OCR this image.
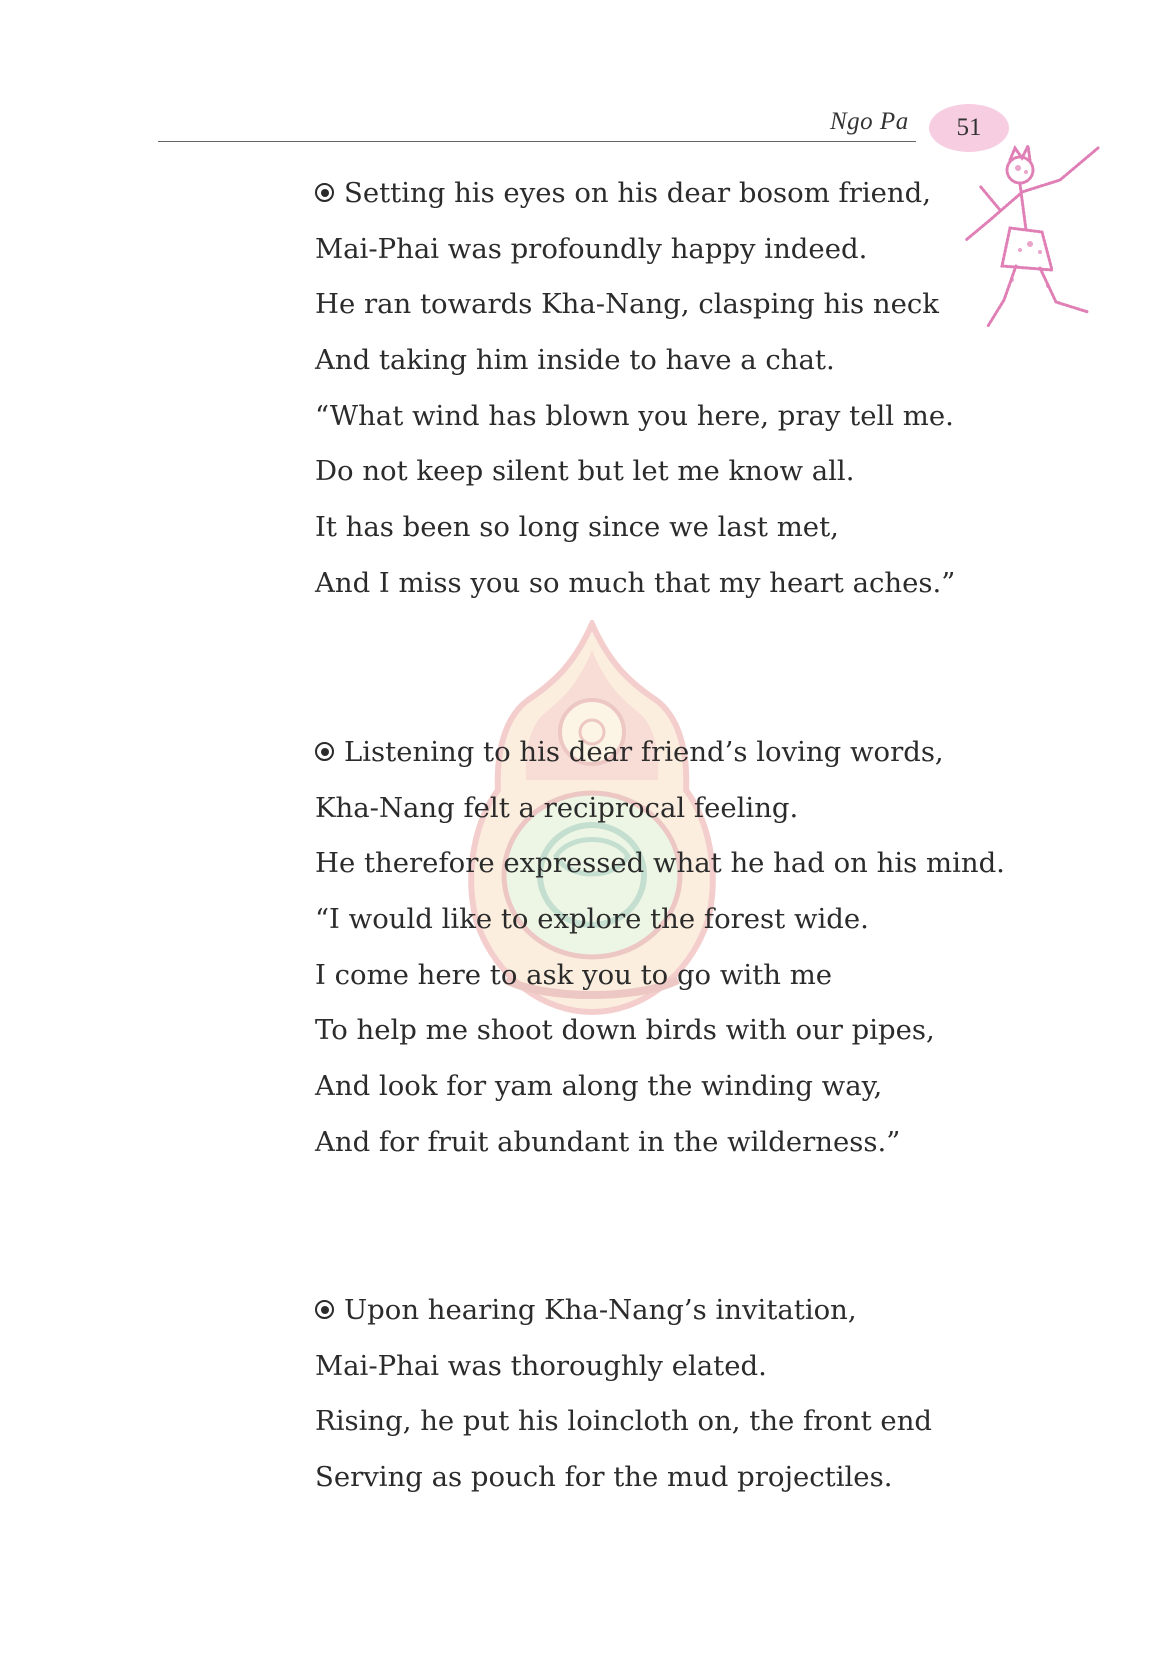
Ngo Pa 51
Setting his eyes on his dear bosom friend,
Mai-Phai was profoundly happy indeed.
He ran towards Kha-Nang, clasping his neck
And taking him inside to have a chat.
“What wind has blown you here, pray tell me.
Do not keep silent but let me know all.
It has been so long since we last met,
And I miss you so much that my heart aches.”
Listening to his dear friend’s loving words,
Kha-Nang felt a reciprocal feeling.
He therefore expressed what he had on his mind.
“I would like to explore the forest wide.
I come here to ask you to go with me
To help me shoot down birds with our pipes,
And look for yam along the winding way,
And for fruit abundant in the wilderness.”
Upon hearing Kha-Nang’s invitation,
Mai-Phai was thoroughly elated.
Rising, he put his loincloth on, the front end
Serving as pouch for the mud projectiles.
